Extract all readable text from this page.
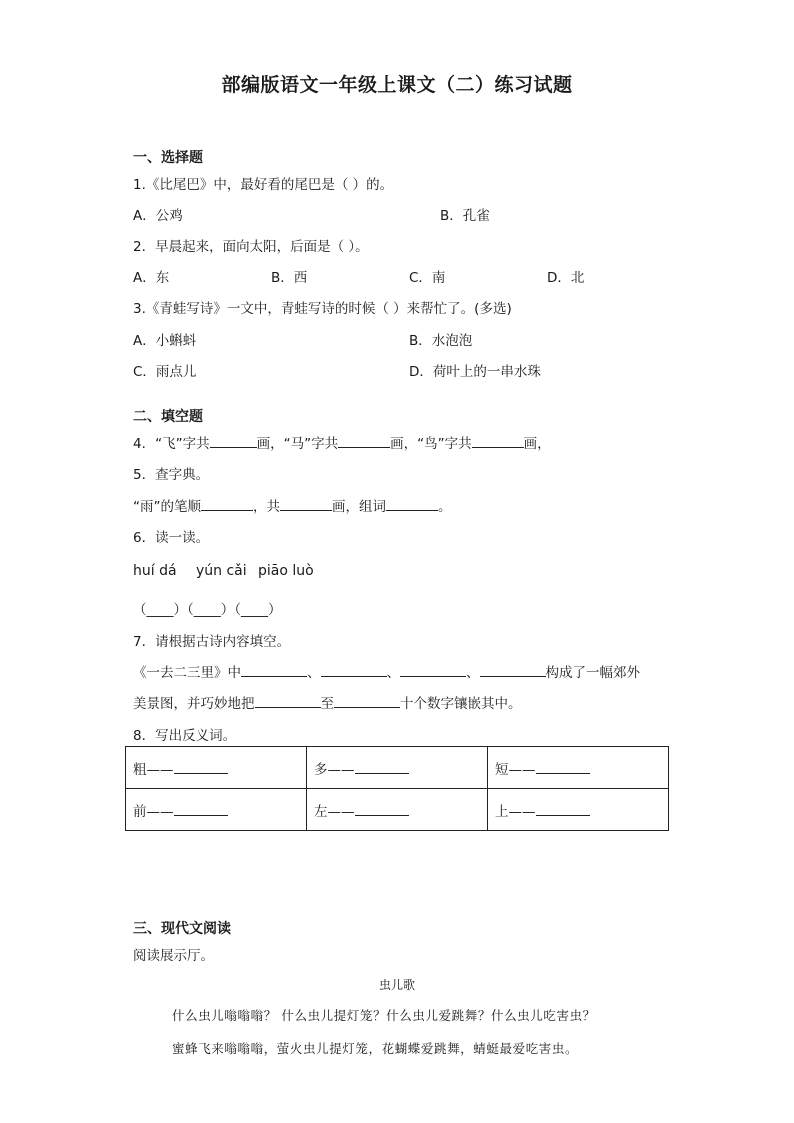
部编版语文一年级上课文（二）练习试题
一、选择题
1.《比尾巴》中，最好看的尾巴是（ ）的。
A．公鸡	B．孔雀
2．早晨起来，面向太阳，后面是（ ）。
A．东	B．西	C．南	D．北
3.《青蛙写诗》一文中，青蛙写诗的时候（ ）来帮忙了。(多选)
A．小蝌蚪	B．水泡泡
C．雨点儿	D．荷叶上的一串水珠
二、填空题
4．“飞”字共	画，“马”字共	画，“鸟”字共	画，
5．查字典。
“雨”的笔顺	，共	画，组词	。
6．读一读。
huí dá yún cǎi piāo luò
（____）（____）（____）
7．请根据古诗内容填空。
《一去二三里》中	、	、	、	构成了一幅郊外
美景图，并巧妙地把	至	十个数字镶嵌其中。
8．写出反义词。
粗——	多——	短——
前——	左——	上——
三、现代文阅读
阅读展示厅。
虫儿歌
什么虫儿嗡嗡嗡？ 什么虫儿提灯笼？什么虫儿爱跳舞？什么虫儿吃害虫？
蜜蜂飞来嗡嗡嗡，萤火虫儿提灯笼，花蝴蝶爱跳舞，蜻蜓最爱吃害虫。
